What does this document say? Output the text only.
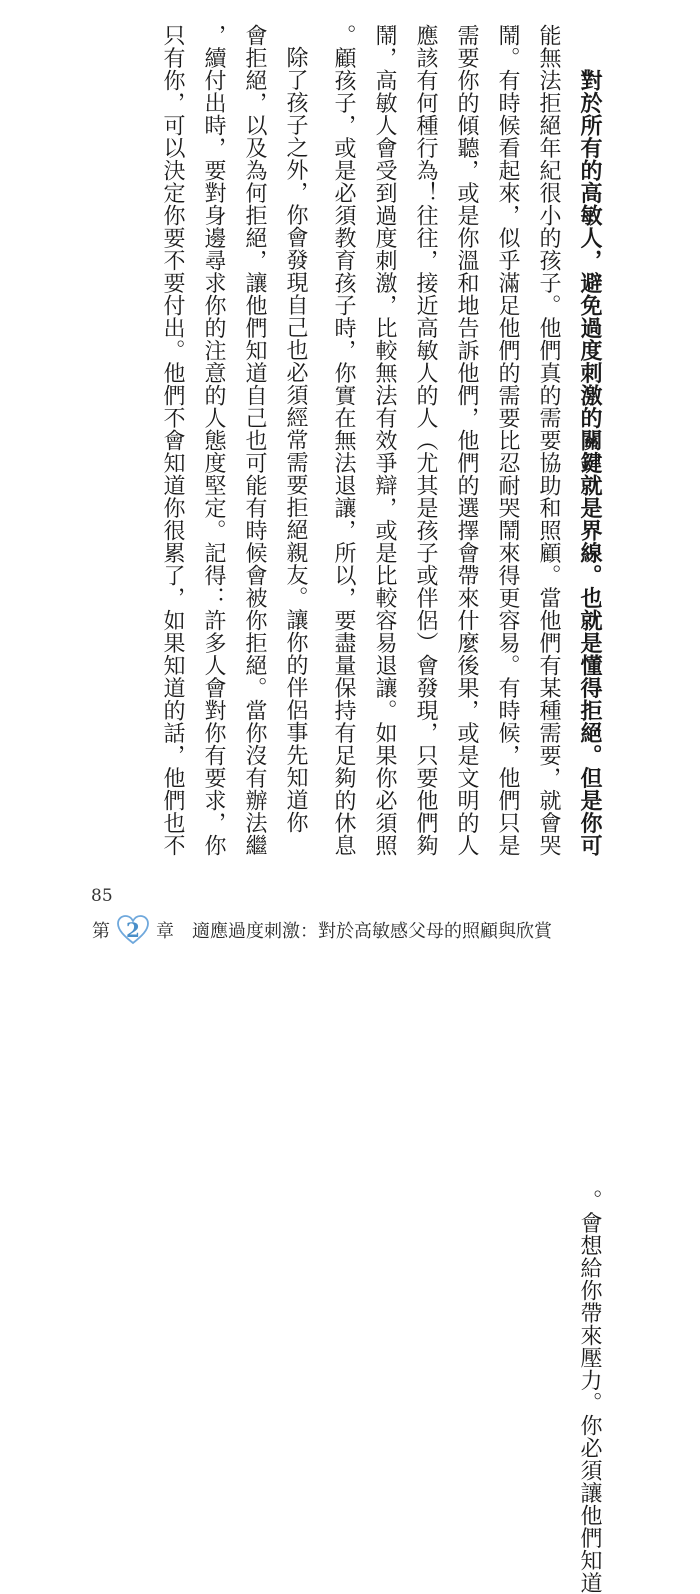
對於所有的高敏人，避免過度刺激的關鍵就是界線。也就是懂得拒絕。但是你可 能無法拒絕年紀很小的孩子。他們真的需要協助和照顧。當他們有某種需要，就會哭 鬧。有時候看起來，似乎滿足他們的需要比忍耐哭鬧來得更容易。有時候，他們只是 需要你的傾聽，或是你溫和地告訴他們，他們的選擇會帶來什麼後果，或是文明的人 應該有何種行為！往往，接近高敏人的人（尤其是孩子或伴侶）會發現，只要他們夠 鬧，高敏人會受到過度刺激，比較無法有效爭辯，或是比較容易退讓。如果你必須照 顧孩子，或是必須教育孩子時，你實在無法退讓，所以，要盡量保持有足夠的休息。  　除了孩子之外，你會發現自己也必須經常需要拒絕親友。讓你的伴侶事先知道你 會拒絕，以及為何拒絕，讓他們知道自己也可能有時候會被你拒絕。當你沒有辦法繼 續付出時，要對身邊尋求你的注意的人態度堅定。記得：許多人會對你有要求，你， 只有你，可以決定你要不要付出。他們不會知道你很累了，如果知道的話，他們也不 會想給你帶來壓力。你必須讓他們知道。
85
第 2 章 適應過度刺激：對於高敏感父母的照顧與欣賞
